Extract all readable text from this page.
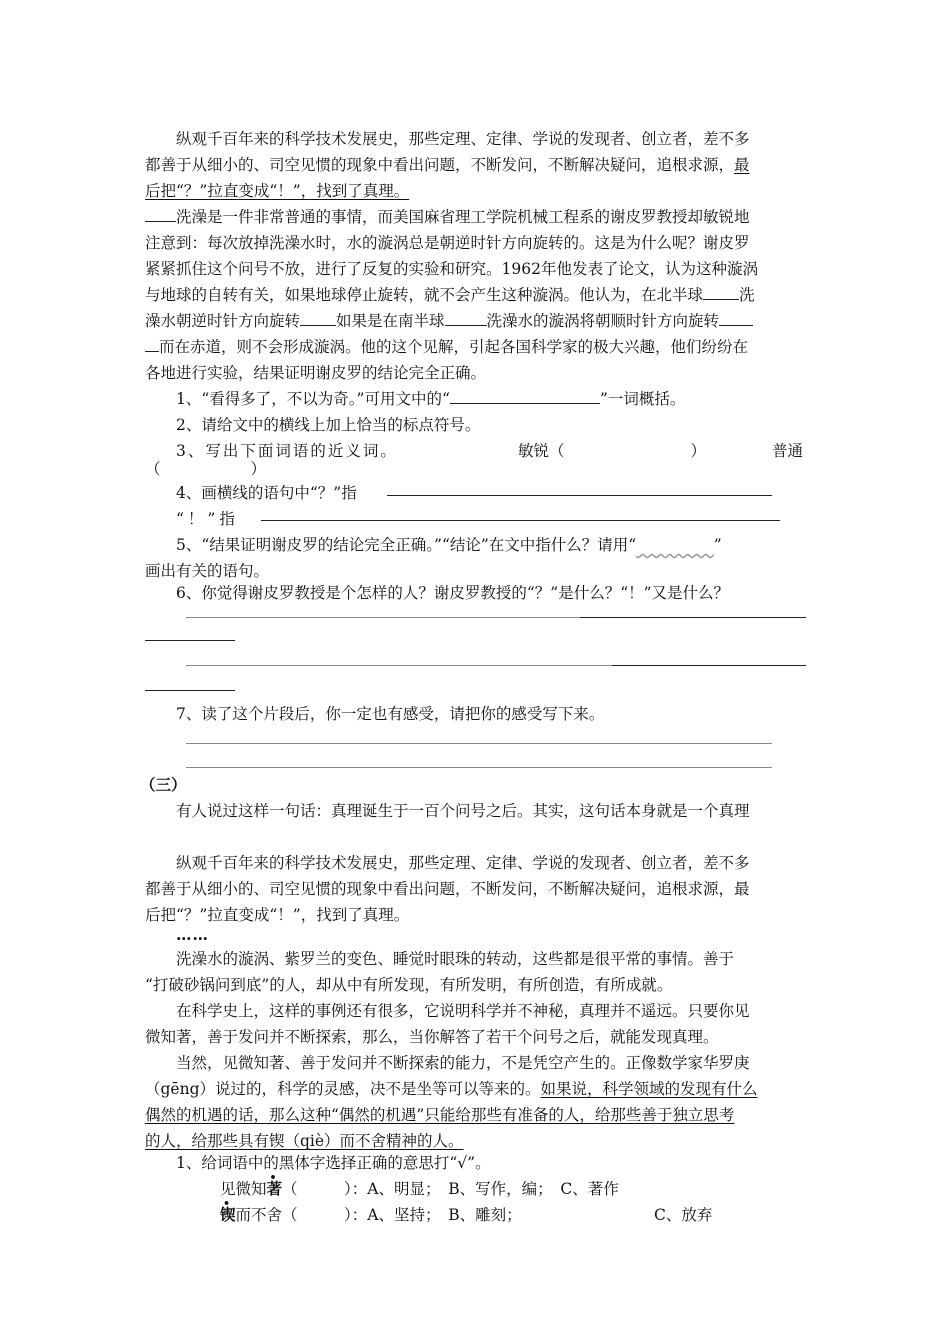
纵观千百年来的科学技术发展史，那些定理、定律、学说的发现者、创立者，差不多

都善于从细小的、司空见惯的现象中看出问题，不断发问，不断解决疑问，追根求源，最

后把“？”拉直变成“！”，找到了真理。

洗澡是一件非常普通的事情，而美国麻省理工学院机械工程系的谢皮罗教授却敏锐地

注意到：每次放掉洗澡水时，水的漩涡总是朝逆时针方向旋转的。这是为什么呢？谢皮罗

紧紧抓住这个问号不放，进行了反复的实验和研究。1962年他发表了论文，认为这种漩涡

与地球的自转有关，如果地球停止旋转，就不会产生这种漩涡。他认为，在北半球 洗

澡水朝逆时针方向旋转 如果是在南半球	洗澡水的漩涡将朝顺时针方向旋转

而在赤道，则不会形成漩涡。他的这个见解，引起各国科学家的极大兴趣，他们纷纷在

各地进行实验，结果证明谢皮罗的结论完全正确。

1、“看得多了，不以为奇。”可用文中的“	”一词概括。

2、请给文中的横线上加上恰当的标点符号。

3、写出下面词语的近义词。	敏锐（	）	普通

（	）

4、画横线的语句中“？”指

“！”指

5、“结果证明谢皮罗的结论完全正确。”“结论”在文中指什么？请用“	”

画出有关的语句。

6、你觉得谢皮罗教授是个怎样的人？谢皮罗教授的“？”是什么？“！”又是什么？

7、读了这个片段后，你一定也有感受，请把你的感受写下来。

（三）

有人说过这样一句话：真理诞生于一百个问号之后。其实，这句话本身就是一个真理

纵观千百年来的科学技术发展史，那些定理、定律、学说的发现者、创立者，差不多

都善于从细小的、司空见惯的现象中看出问题，不断发问，不断解决疑问，追根求源，最

后把“？”拉直变成“！”，找到了真理。

……

洗澡水的漩涡、紫罗兰的变色、睡觉时眼珠的转动，这些都是很平常的事情。善于

“打破砂锅问到底”的人，却从中有所发现，有所发明，有所创造，有所成就。

在科学史上，这样的事例还有很多，它说明科学并不神秘，真理并不遥远。只要你见

微知著，善于发问并不断探索，那么，当你解答了若干个问号之后，就能发现真理。

当然，见微知著、善于发问并不断探索的能力，不是凭空产生的。正像数学家华罗庚

（gēng）说过的，科学的灵感，决不是坐等可以等来的。如果说，科学领域的发现有什么

偶然的机遇的话，那么这种“偶然的机遇”只能给那些有准备的人，给那些善于独立思考

的人，给那些具有锲（qiè）而不舍精神的人。

1、给词语中的黑体字选择正确的意思打“√”。

见微知著（　　　）：A、明显；　B、写作，编；　C、著作

锲而不舍（　　　）：A、坚持；　B、雕刻；	C、放弃
